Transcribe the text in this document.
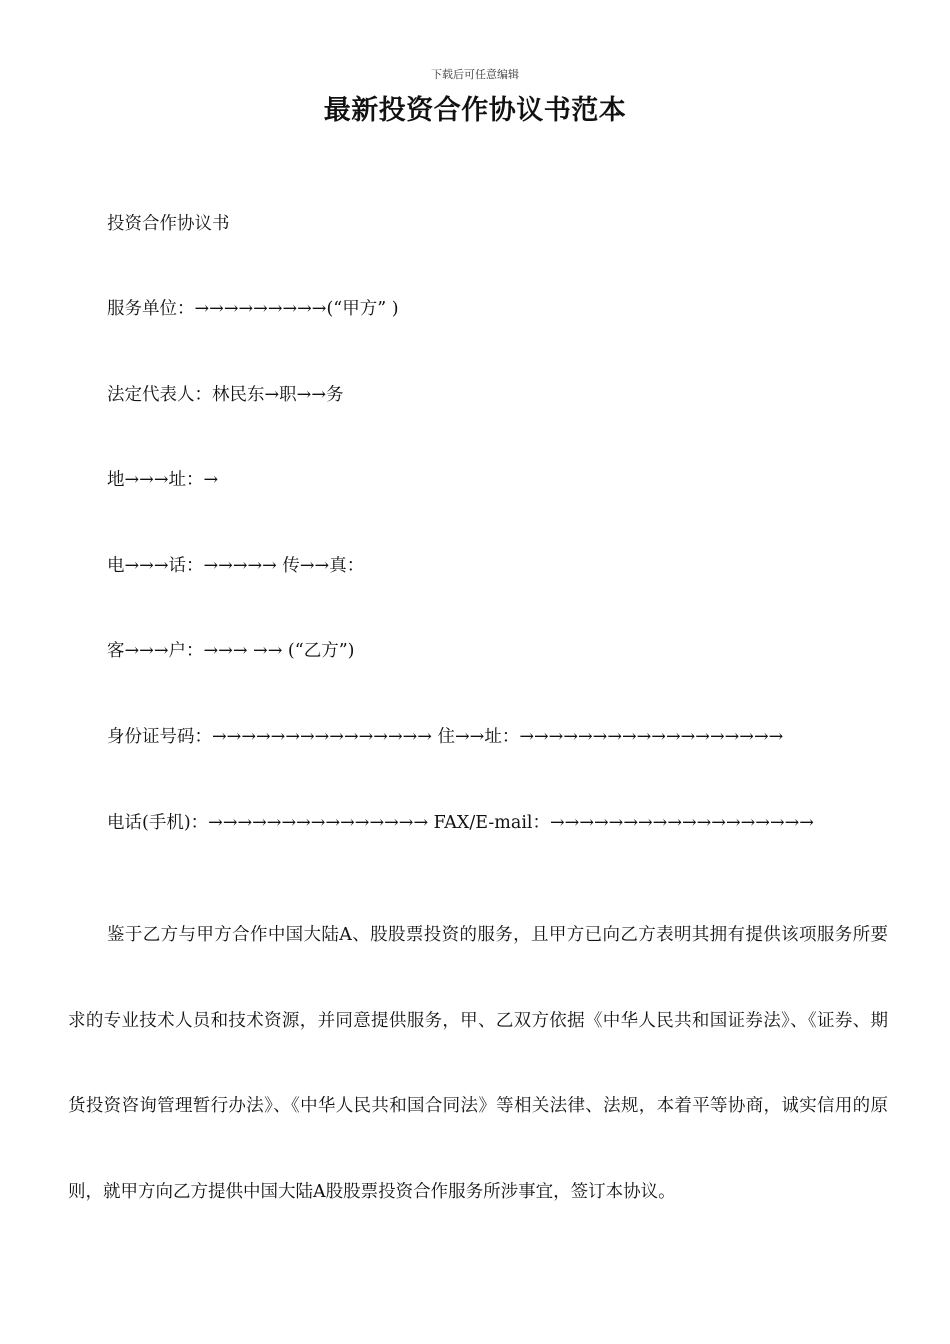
下载后可任意编辑
最新投资合作协议书范本
投资合作协议书
服务单位：→→→→→→→→→(“甲方” )
法定代表人：林民东→职→→务
地→→→址：→
电→→→话：→→→→→ 传→→真：
客→→→户：→→→ →→ (“乙方”)
身份证号码：→→→→→→→→→→→→→→→ 住→→址：→→→→→→→→→→→→→→→→→→
电话(手机)：→→→→→→→→→→→→→→→ FAX/E-mail：→→→→→→→→→→→→→→→→→→
鉴于乙方与甲方合作中国大陆A、股股票投资的服务，且甲方已向乙方表明其拥有提供该项服务所要求的专业技术人员和技术资源，并同意提供服务，甲、乙双方依据《中华人民共和国证券法》、《证券、期货投资咨询管理暂行办法》、《中华人民共和国合同法》等相关法律、法规，本着平等协商，诚实信用的原则，就甲方向乙方提供中国大陆A股股票投资合作服务所涉事宜，签订本协议。
